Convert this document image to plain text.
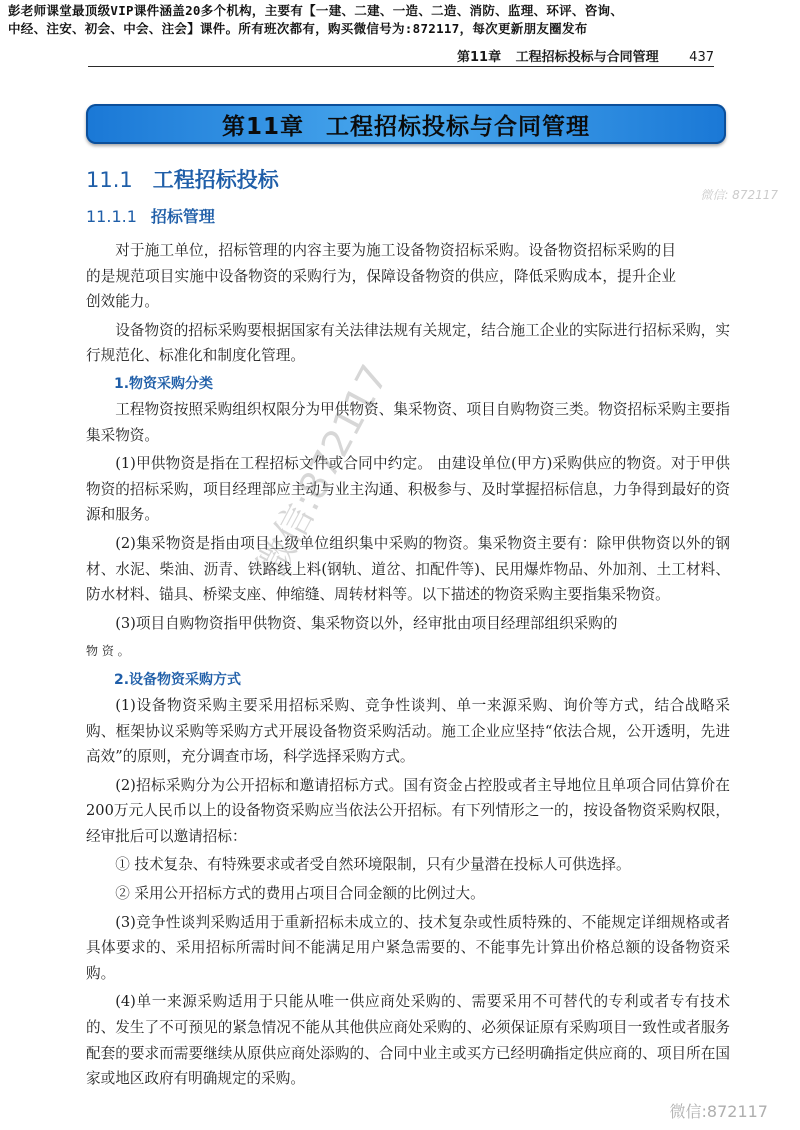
彭老师课堂最顶级VIP课件涵盖20多个机构，主要有【一建、二建、一造、二造、消防、监理、环评、咨询、
中经、注安、初会、中会、注会】课件。所有班次都有，购买微信号为:872117，每次更新朋友圈发布
第11章 工程招标投标与合同管理 437
第11章 工程招标投标与合同管理
11.1 工程招标投标
11.1.1 招标管理

对于施工单位，招标管理的内容主要为施工设备物资招标采购。设备物资招标采购的目的是规范项目实施中设备物资的采购行为，保障设备物资的供应，降低采购成本，提升企业创效能力。

设备物资的招标采购要根据国家有关法律法规有关规定，结合施工企业的实际进行招标采购，实行规范化、标准化和制度化管理。

1.物资采购分类

工程物资按照采购组织权限分为甲供物资、集采物资、项目自购物资三类。物资招标采购主要指集采物资。

(1)甲供物资是指在工程招标文件或合同中约定。 由建设单位(甲方)采购供应的物资。对于甲供物资的招标采购，项目经理部应主动与业主沟通、积极参与、及时掌握招标信息，力争得到最好的资源和服务。

(2)集采物资是指由项目上级单位组织集中采购的物资。集采物资主要有：除甲供物资以外的钢材、水泥、柴油、沥青、铁路线上料(钢轨、道岔、扣配件等)、民用爆炸物品、外加剂、土工材料、防水材料、锚具、桥梁支座、伸缩缝、周转材料等。以下描述的物资采购主要指集采物资。

(3)项目自购物资指甲供物资、集采物资以外，经审批由项目经理部组织采购的

物 资 。

2.设备物资采购方式

(1)设备物资采购主要采用招标采购、竞争性谈判、单一来源采购、询价等方式，结合战略采购、框架协议采购等采购方式开展设备物资采购活动。施工企业应坚持“依法合规，公开透明，先进高效”的原则，充分调查市场，科学选择采购方式。

(2)招标采购分为公开招标和邀请招标方式。国有资金占控股或者主导地位且单项合同估算价在200万元人民币以上的设备物资采购应当依法公开招标。有下列情形之一的，按设备物资采购权限，经审批后可以邀请招标：

① 技术复杂、有特殊要求或者受自然环境限制，只有少量潜在投标人可供选择。

② 采用公开招标方式的费用占项目合同金额的比例过大。

(3)竞争性谈判采购适用于重新招标未成立的、技术复杂或性质特殊的、不能规定详细规格或者具体要求的、采用招标所需时间不能满足用户紧急需要的、不能事先计算出价格总额的设备物资采购。

(4)单一来源采购适用于只能从唯一供应商处采购的、需要采用不可替代的专利或者专有技术的、发生了不可预见的紧急情况不能从其他供应商处采购的、必须保证原有采购项目一致性或者服务配套的要求而需要继续从原供应商处添购的、合同中业主或买方已经明确指定供应商的、项目所在国家或地区政府有明确规定的采购。

微信:872117
微信: 872117
微信:872117
